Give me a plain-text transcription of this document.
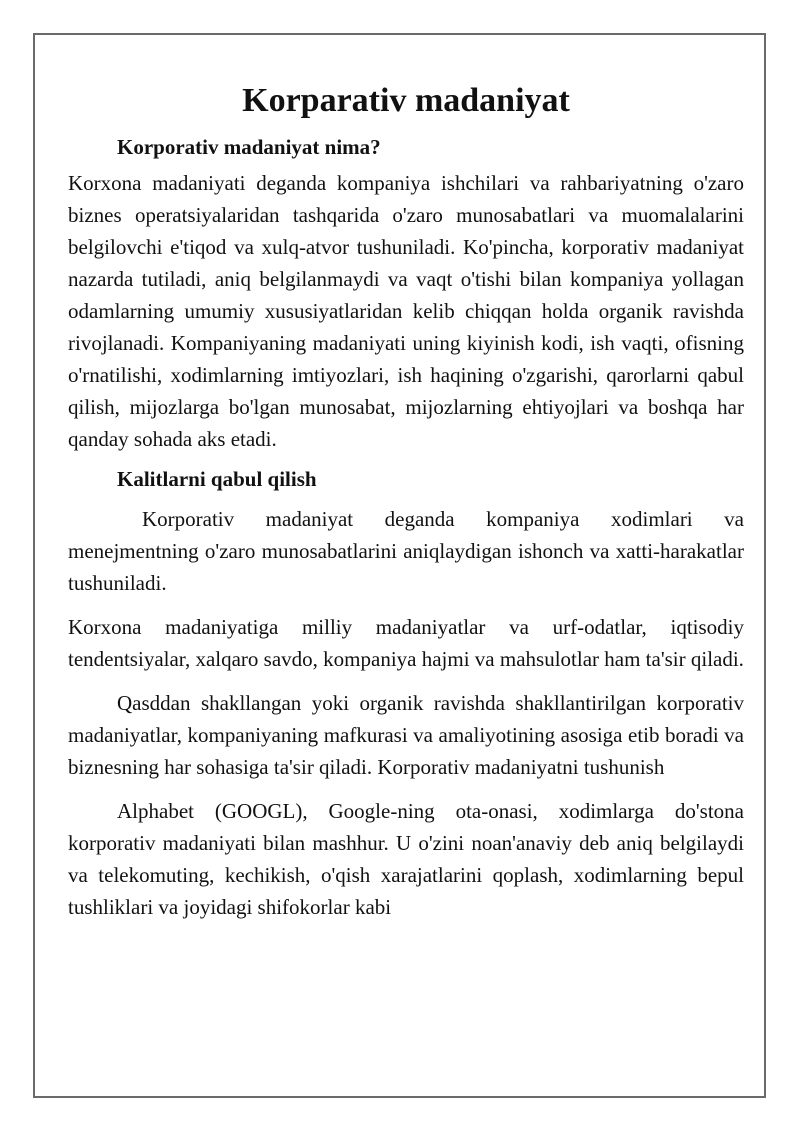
Korparativ madaniyat
Korporativ madaniyat nima?

Korxona madaniyati deganda kompaniya ishchilari va rahbariyatning o'zaro biznes operatsiyalaridan tashqarida o'zaro munosabatlari va muomalalarini belgilovchi e'tiqod va xulq-atvor tushuniladi. Ko'pincha, korporativ madaniyat nazarda tutiladi, aniq belgilanmaydi va vaqt o'tishi bilan kompaniya yollagan odamlarning umumiy xususiyatlaridan kelib chiqqan holda organik ravishda rivojlanadi. Kompaniyaning madaniyati uning kiyinish kodi, ish vaqti, ofisning o'rnatilishi, xodimlarning imtiyozlari, ish haqining o'zgarishi, qarorlarni qabul qilish, mijozlarga bo'lgan munosabat, mijozlarning ehtiyojlari va boshqa har qanday sohada aks etadi.

Kalitlarni qabul qilish

Korporativ madaniyat deganda kompaniya xodimlari va menejmentning o'zaro munosabatlarini aniqlaydigan ishonch va xatti-harakatlar tushuniladi.

Korxona madaniyatiga milliy madaniyatlar va urf-odatlar, iqtisodiy tendentsiyalar, xalqaro savdo, kompaniya hajmi va mahsulotlar ham ta'sir qiladi.

Qasddan shakllangan yoki organik ravishda shakllantirilgan korporativ madaniyatlar, kompaniyaning mafkurasi va amaliyotining asosiga etib boradi va biznesning har sohasiga ta'sir qiladi. Korporativ madaniyatni tushunish

Alphabet (GOOGL), Google-ning ota-onasi, xodimlarga do'stona korporativ madaniyati bilan mashhur. U o'zini noan'anaviy deb aniq belgilaydi va telekomuting, kechikish, o'qish xarajatlarini qoplash, xodimlarning bepul tushliklari va joyidagi shifokorlar kabi
